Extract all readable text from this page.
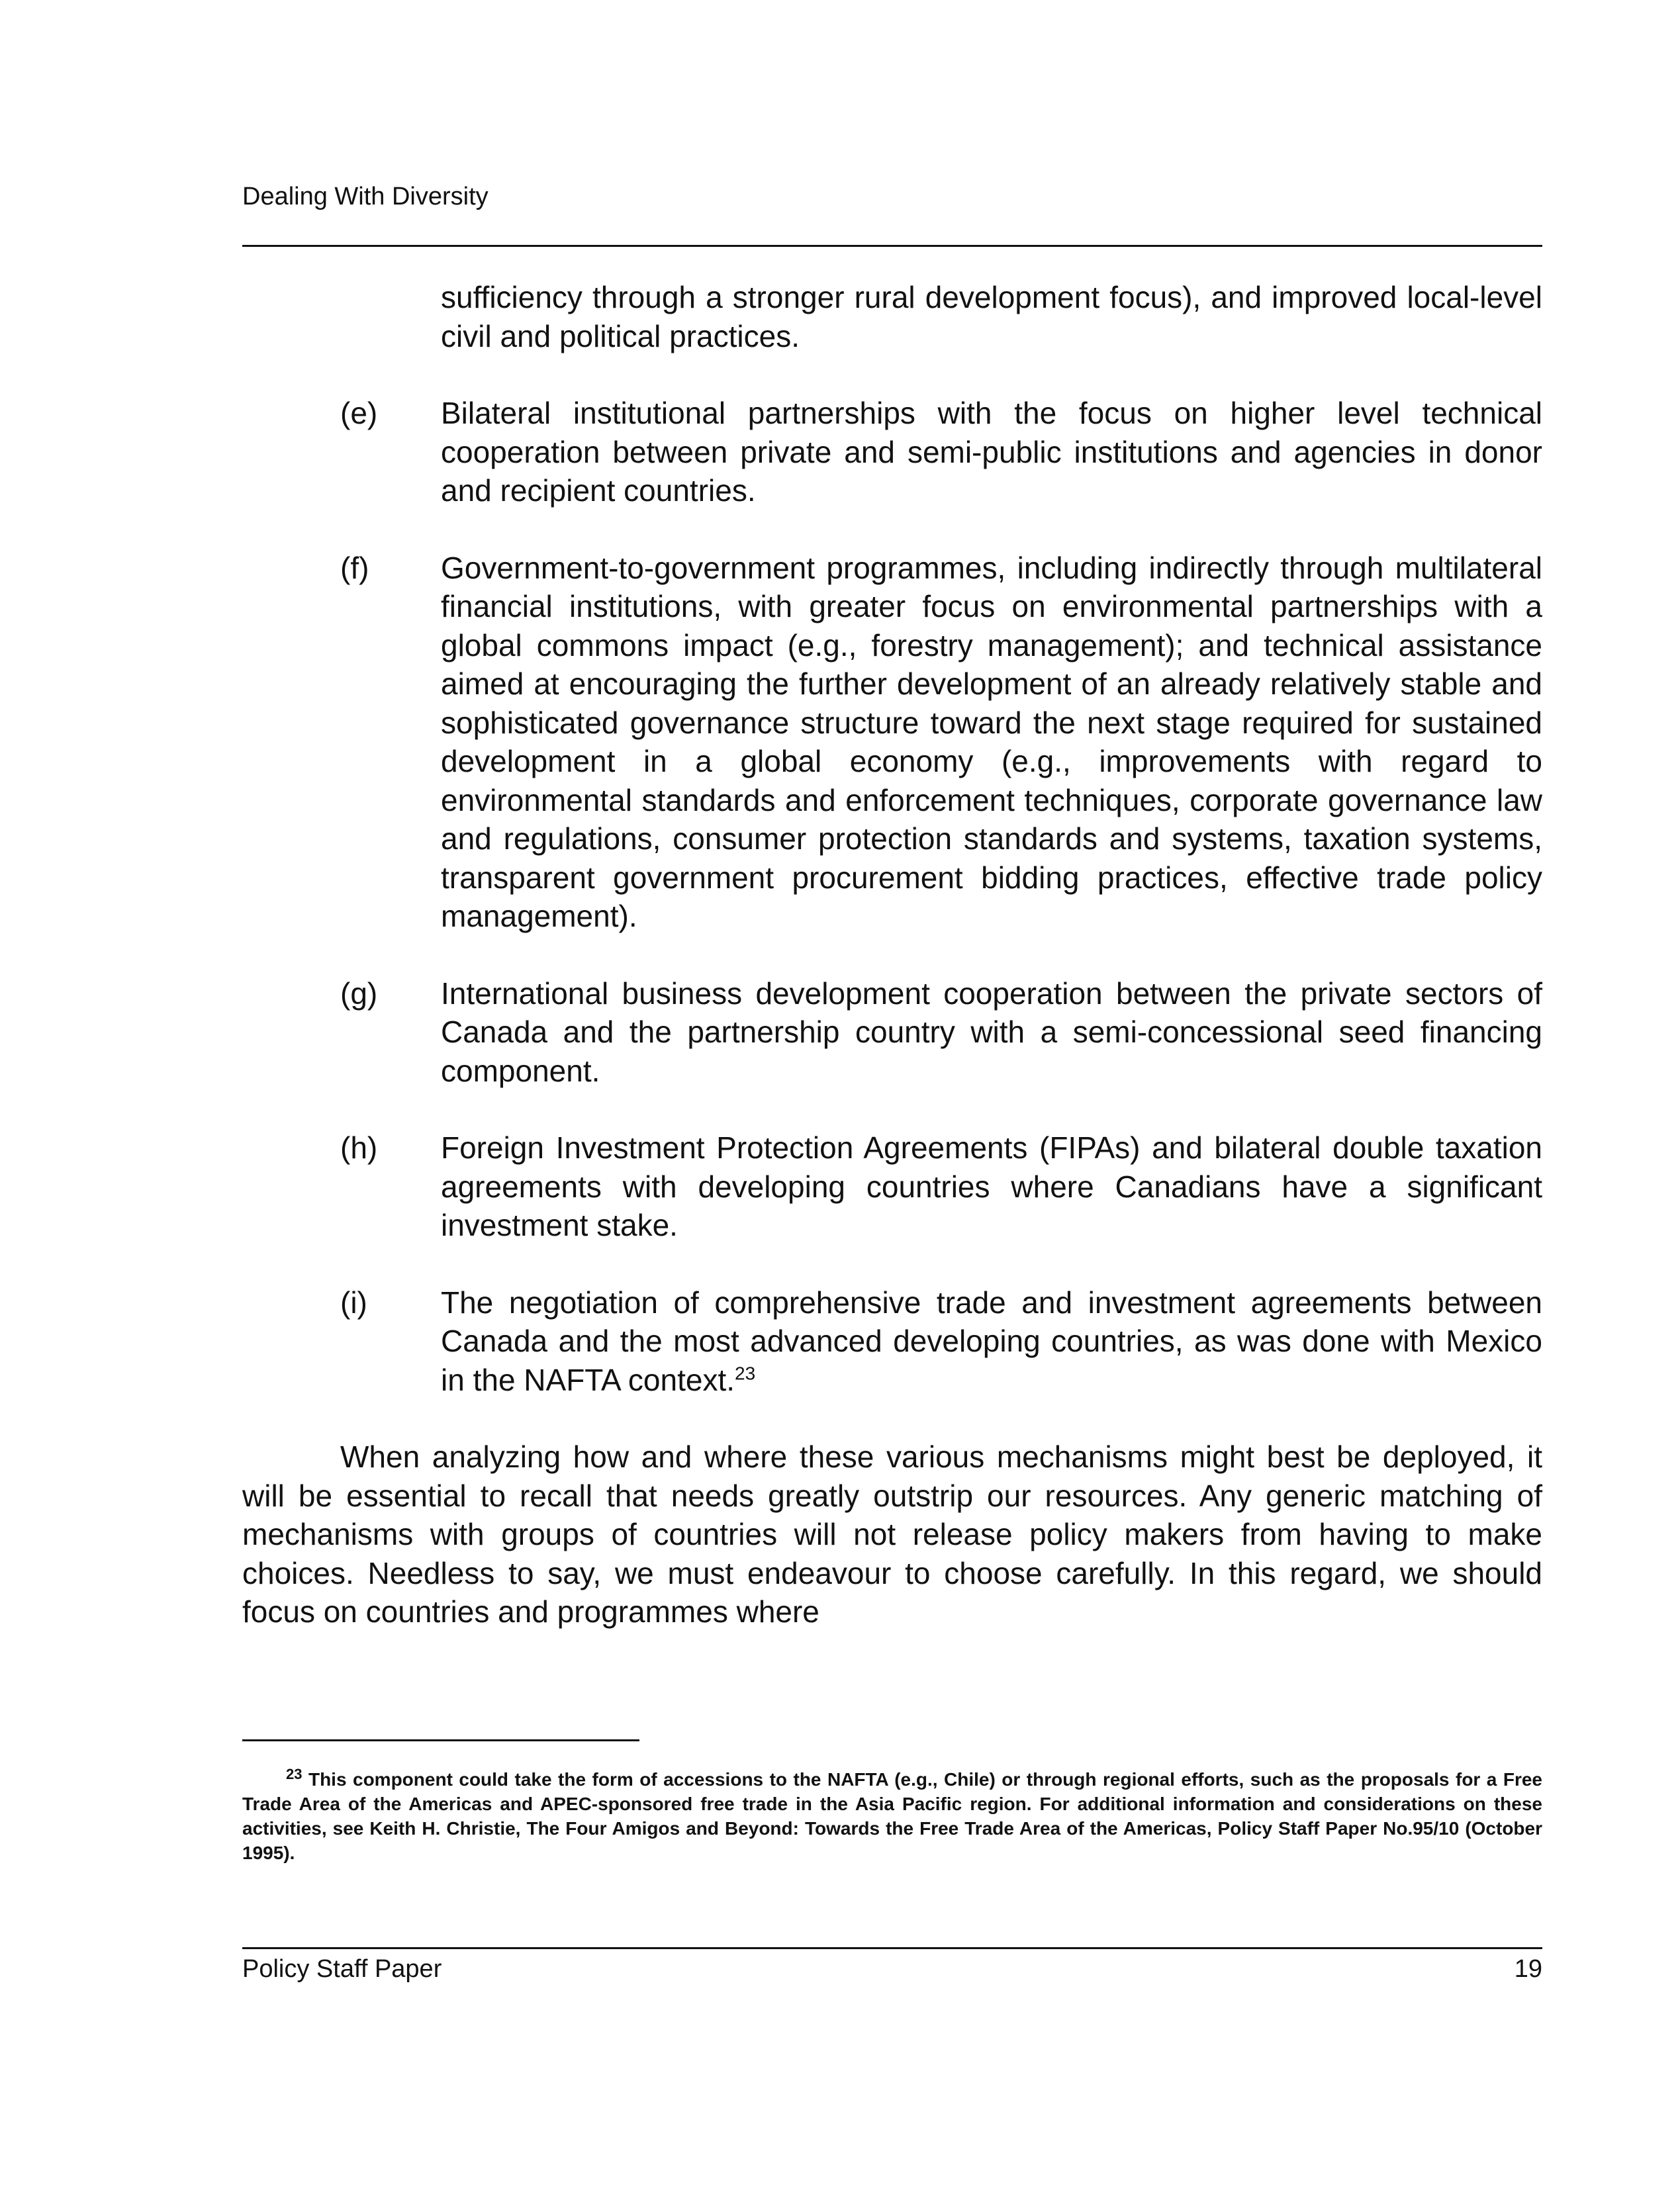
Dealing With Diversity
sufficiency through a stronger rural development focus), and improved local-level civil and political practices.
(e) Bilateral institutional partnerships with the focus on higher level technical cooperation between private and semi-public institutions and agencies in donor and recipient countries.
(f) Government-to-government programmes, including indirectly through multilateral financial institutions, with greater focus on environmental partnerships with a global commons impact (e.g., forestry management); and technical assistance aimed at encouraging the further development of an already relatively stable and sophisticated governance structure toward the next stage required for sustained development in a global economy (e.g., improvements with regard to environmental standards and enforcement techniques, corporate governance law and regulations, consumer protection standards and systems, taxation systems, transparent government procurement bidding practices, effective trade policy management).
(g) International business development cooperation between the private sectors of Canada and the partnership country with a semi-concessional seed financing component.
(h) Foreign Investment Protection Agreements (FIPAs) and bilateral double taxation agreements with developing countries where Canadians have a significant investment stake.
(i) The negotiation of comprehensive trade and investment agreements between Canada and the most advanced developing countries, as was done with Mexico in the NAFTA context.$^{23}$
When analyzing how and where these various mechanisms might best be deployed, it will be essential to recall that needs greatly outstrip our resources. Any generic matching of mechanisms with groups of countries will not release policy makers from having to make choices. Needless to say, we must endeavour to choose carefully. In this regard, we should focus on countries and programmes where
$^{23}$ This component could take the form of accessions to the NAFTA (e.g., Chile) or through regional efforts, such as the proposals for a Free Trade Area of the Americas and APEC-sponsored free trade in the Asia Pacific region. For additional information and considerations on these activities, see Keith H. Christie, The Four Amigos and Beyond: Towards the Free Trade Area of the Americas, Policy Staff Paper No.95/10 (October 1995).
Policy Staff Paper	19
